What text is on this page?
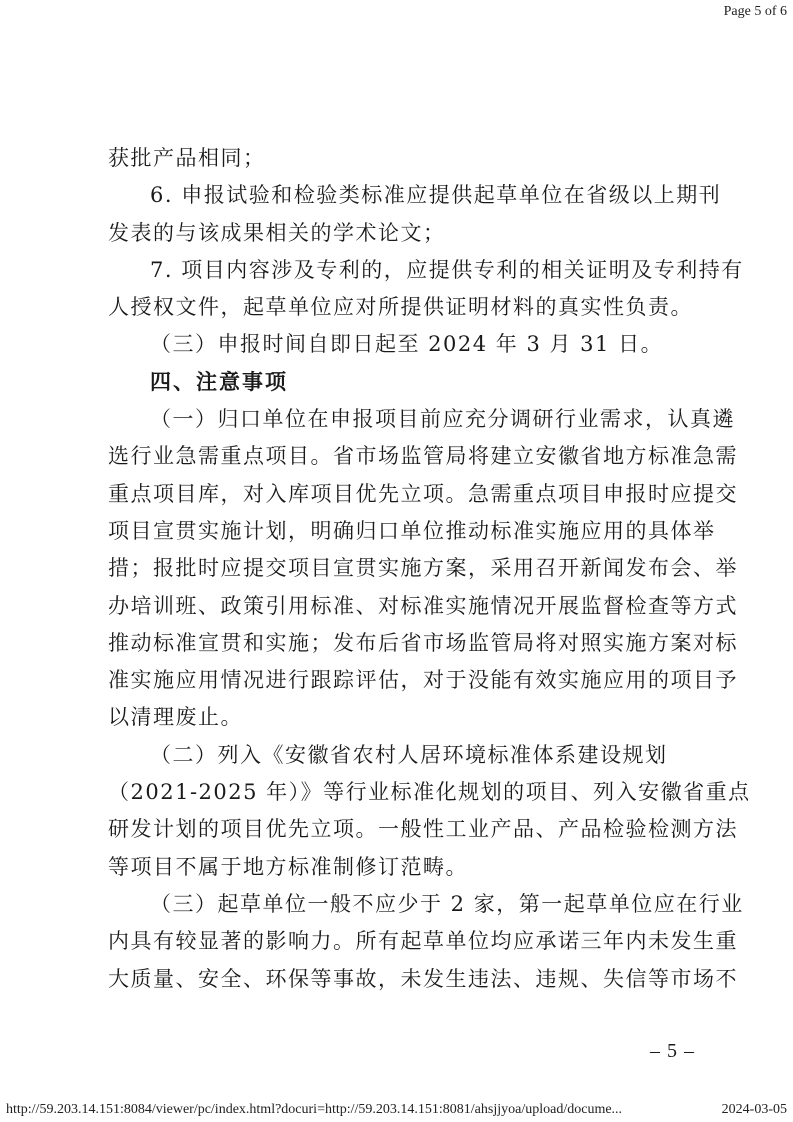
Page 5 of 6
获批产品相同；
6. 申报试验和检验类标准应提供起草单位在省级以上期刊
发表的与该成果相关的学术论文；
7. 项目内容涉及专利的，应提供专利的相关证明及专利持有
人授权文件，起草单位应对所提供证明材料的真实性负责。
（三）申报时间自即日起至 2024 年 3 月 31 日。
四、注意事项
（一）归口单位在申报项目前应充分调研行业需求，认真遴
选行业急需重点项目。省市场监管局将建立安徽省地方标准急需
重点项目库，对入库项目优先立项。急需重点项目申报时应提交
项目宣贯实施计划，明确归口单位推动标准实施应用的具体举
措；报批时应提交项目宣贯实施方案，采用召开新闻发布会、举
办培训班、政策引用标准、对标准实施情况开展监督检查等方式
推动标准宣贯和实施；发布后省市场监管局将对照实施方案对标
准实施应用情况进行跟踪评估，对于没能有效实施应用的项目予
以清理废止。
（二）列入《安徽省农村人居环境标准体系建设规划
（2021-2025 年）》等行业标准化规划的项目、列入安徽省重点
研发计划的项目优先立项。一般性工业产品、产品检验检测方法
等项目不属于地方标准制修订范畴。
（三）起草单位一般不应少于 2 家，第一起草单位应在行业
内具有较显著的影响力。所有起草单位均应承诺三年内未发生重
大质量、安全、环保等事故，未发生违法、违规、失信等市场不
– 5 –
http://59.203.14.151:8084/viewer/pc/index.html?docuri=http://59.203.14.151:8081/ahsjjyoa/upload/docume...	2024-03-05
